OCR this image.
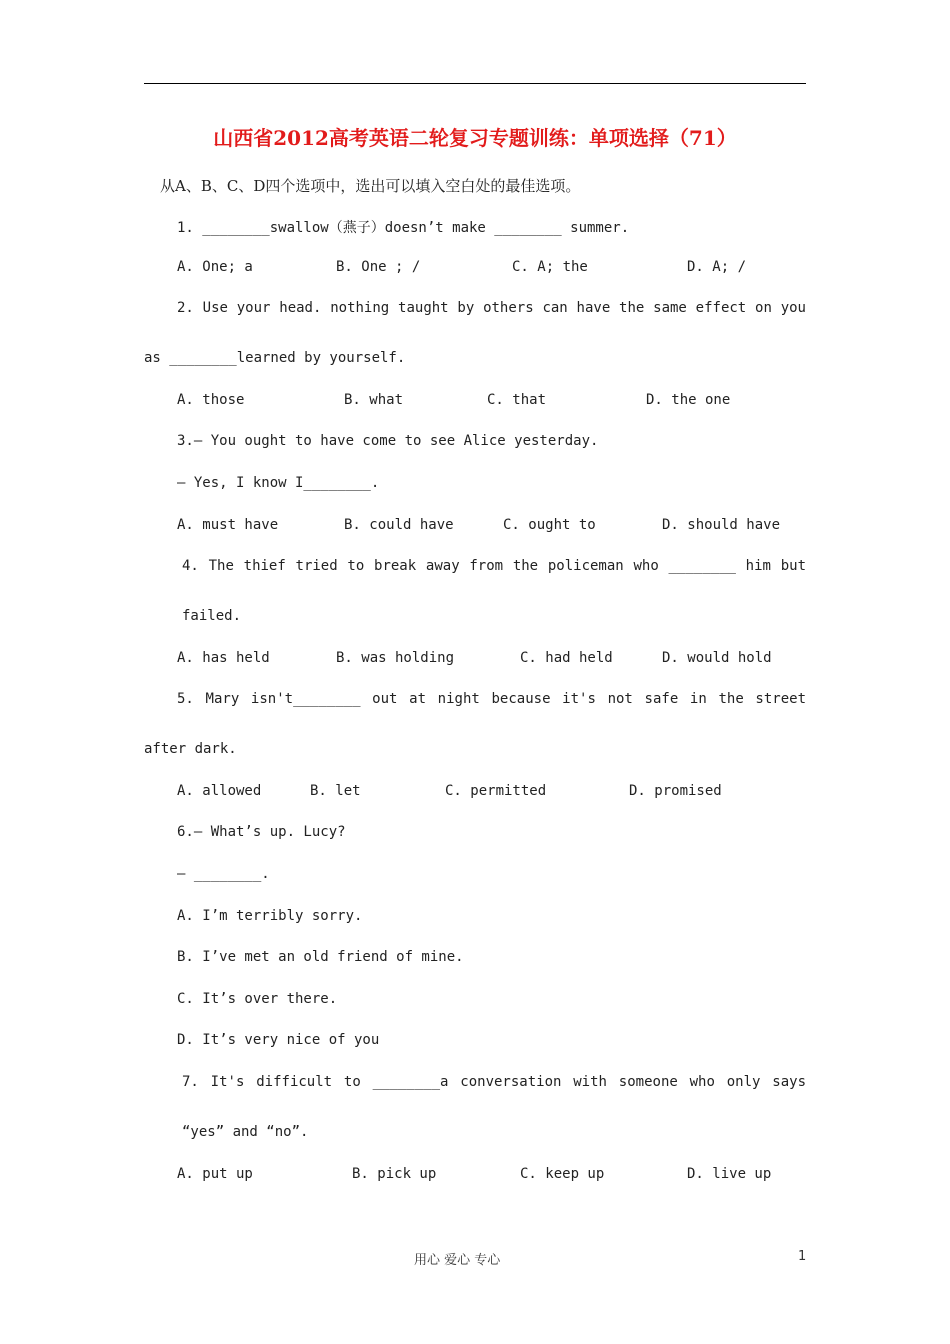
山西省2012高考英语二轮复习专题训练：单项选择（71）
从A、B、C、D四个选项中，选出可以填入空白处的最佳选项。
1. ________swallow（燕子）doesn’t make ________ summer.
A. One; a	B. One ; /	C. A; the	D. A; /
2. Use your head. nothing taught by others can have the same effect on you
as ________learned by yourself.
A. those	B. what	C. that	D. the one
3.— You ought to have come to see Alice yesterday.
— Yes, I know I________.
A. must have	B. could have	C. ought to	D. should have
4. The thief tried to break away from the policeman who ________ him but
failed.
A. has held	B. was holding	C. had held	D. would hold
5. Mary isn't________ out at night because it's not safe in the street
after dark.
A. allowed	B. let	C. permitted	D. promised
6.— What’s up. Lucy?
— ________.
A. I’m terribly sorry.
B. I’ve met an old friend of mine.
C. It’s over there.
D. It’s very nice of you
7. It's difficult to ________a conversation with someone who only says
“yes” and “no”.
A. put up	B. pick up	C. keep up	D. live up
用心 爱心 专心	1
